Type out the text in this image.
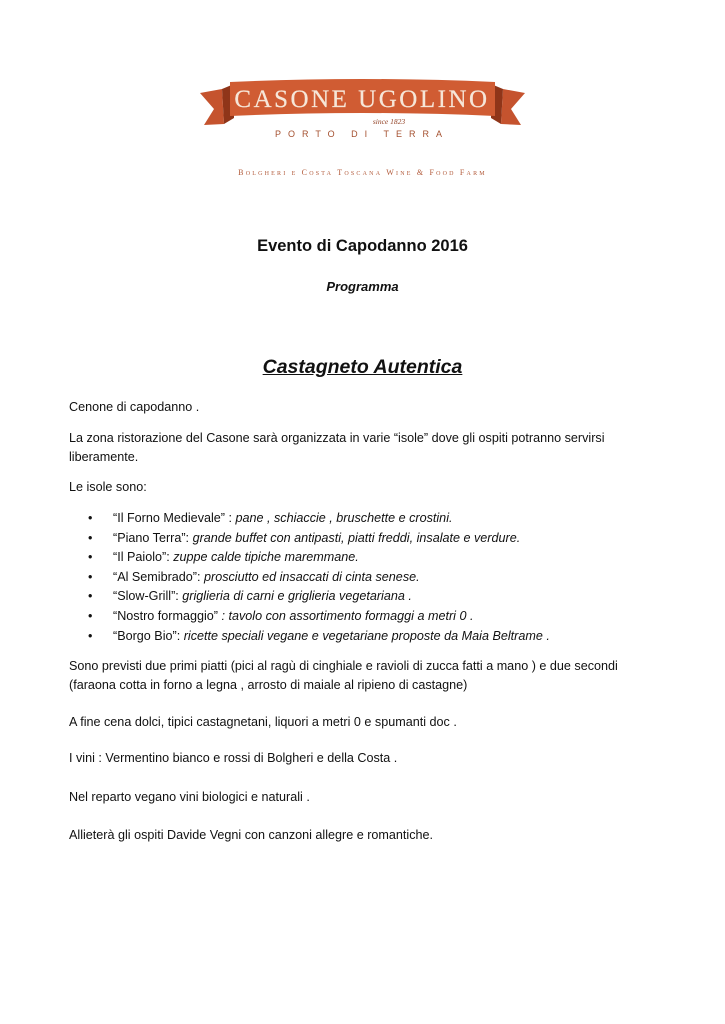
CASONE UGOLINO
since 1823
PORTO DI TERRA
Bolgheri e Costa Toscana Wine & Food Farm
Evento di Capodanno 2016
Programma
Castagneto Autentica
Cenone di capodanno .
La zona ristorazione del Casone sarà organizzata in varie “isole” dove gli ospiti potranno servirsi liberamente.
Le isole sono:
• “Il Forno Medievale” : pane , schiaccie , bruschette e crostini.
• “Piano Terra”: grande buffet con antipasti, piatti freddi, insalate e verdure.
• “Il Paiolo”: zuppe calde tipiche maremmane.
• “Al Semibrado”: prosciutto ed insaccati di cinta senese.
• “Slow-Grill”: griglieria di carni e griglieria vegetariana .
• “Nostro formaggio” : tavolo con assortimento formaggi a metri 0 .
• “Borgo Bio”: ricette speciali vegane e vegetariane proposte da Maia Beltrame .
Sono previsti due primi piatti (pici al ragù di cinghiale e ravioli di zucca fatti a mano ) e due secondi (faraona cotta in forno a legna , arrosto di maiale al ripieno di castagne)
A fine cena dolci, tipici castagnetani, liquori a metri 0 e spumanti doc .
I vini : Vermentino bianco e rossi di Bolgheri e della Costa .
Nel reparto vegano vini biologici e naturali .
Allieterà gli ospiti Davide Vegni con canzoni allegre e romantiche.
